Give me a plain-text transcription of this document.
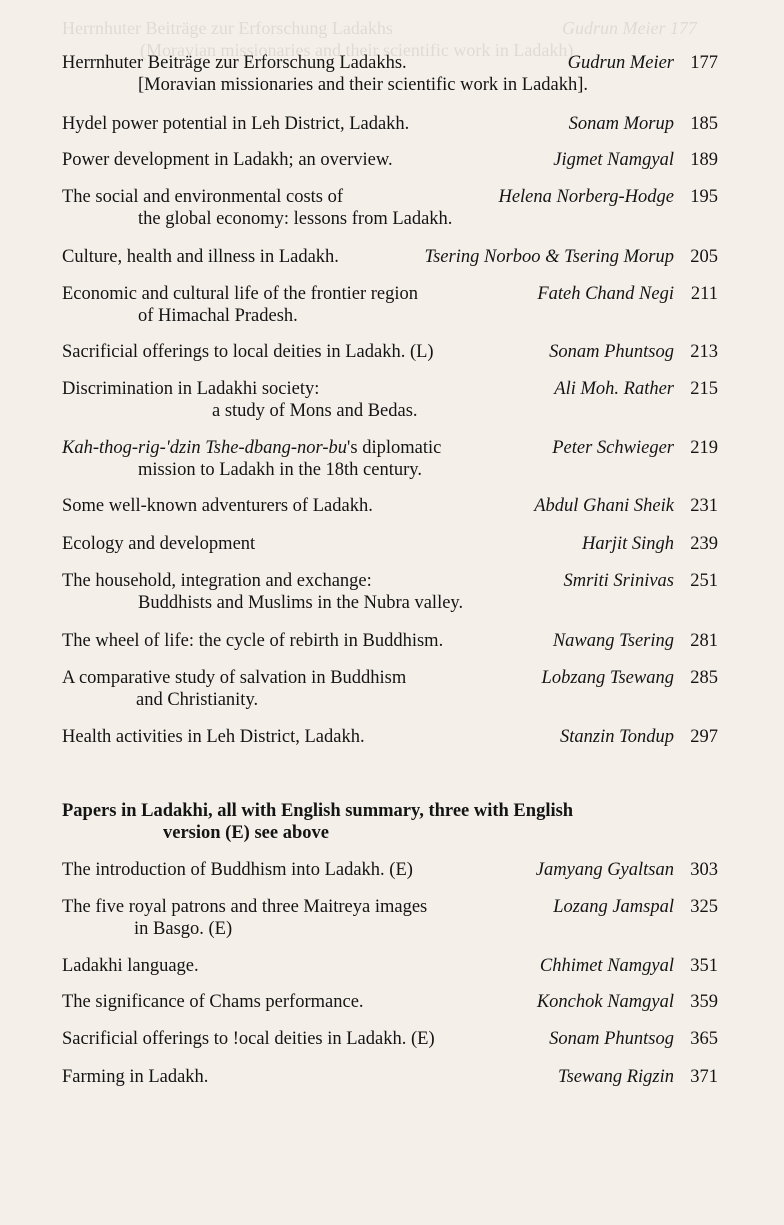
Herrnhuter Beiträge zur Erforschung Ladakhs	Gudrun Meier 177
(Moravian missionaries and their scientific work in Ladakh)
Herrnhuter Beiträge zur Erforschung Ladakhs.	Gudrun Meier 177
[Moravian missionaries and their scientific work in Ladakh].
Hydel power potential in Leh District, Ladakh.	Sonam Morup 185
Power development in Ladakh; an overview.	Jigmet Namgyal 189
The social and environmental costs of	Helena Norberg-Hodge 195
the global economy: lessons from Ladakh.
Culture, health and illness in Ladakh.	Tsering Norboo & Tsering Morup 205
Economic and cultural life of the frontier region	Fateh Chand Negi 211
of Himachal Pradesh.
Sacrificial offerings to local deities in Ladakh. (L)	Sonam Phuntsog 213
Discrimination in Ladakhi society:	Ali Moh. Rather 215
a study of Mons and Bedas.
Kah-thog-rig-'dzin Tshe-dbang-nor-bu's diplomatic	Peter Schwieger 219
mission to Ladakh in the 18th century.
Some well-known adventurers of Ladakh.	Abdul Ghani Sheik 231
Ecology and development	Harjit Singh 239
The household, integration and exchange:	Smriti Srinivas 251
Buddhists and Muslims in the Nubra valley.
The wheel of life: the cycle of rebirth in Buddhism.	Nawang Tsering 281
A comparative study of salvation in Buddhism	Lobzang Tsewang 285
and Christianity.
Health activities in Leh District, Ladakh.	Stanzin Tondup 297
Papers in Ladakhi, all with English summary, three with English
version (E) see above
The introduction of Buddhism into Ladakh. (E)	Jamyang Gyaltsan 303
The five royal patrons and three Maitreya images	Lozang Jamspal 325
in Basgo. (E)
Ladakhi language.	Chhimet Namgyal 351
The significance of Chams performance.	Konchok Namgyal 359
Sacrificial offerings to !ocal deities in Ladakh. (E)	Sonam Phuntsog 365
Farming in Ladakh.	Tsewang Rigzin 371
